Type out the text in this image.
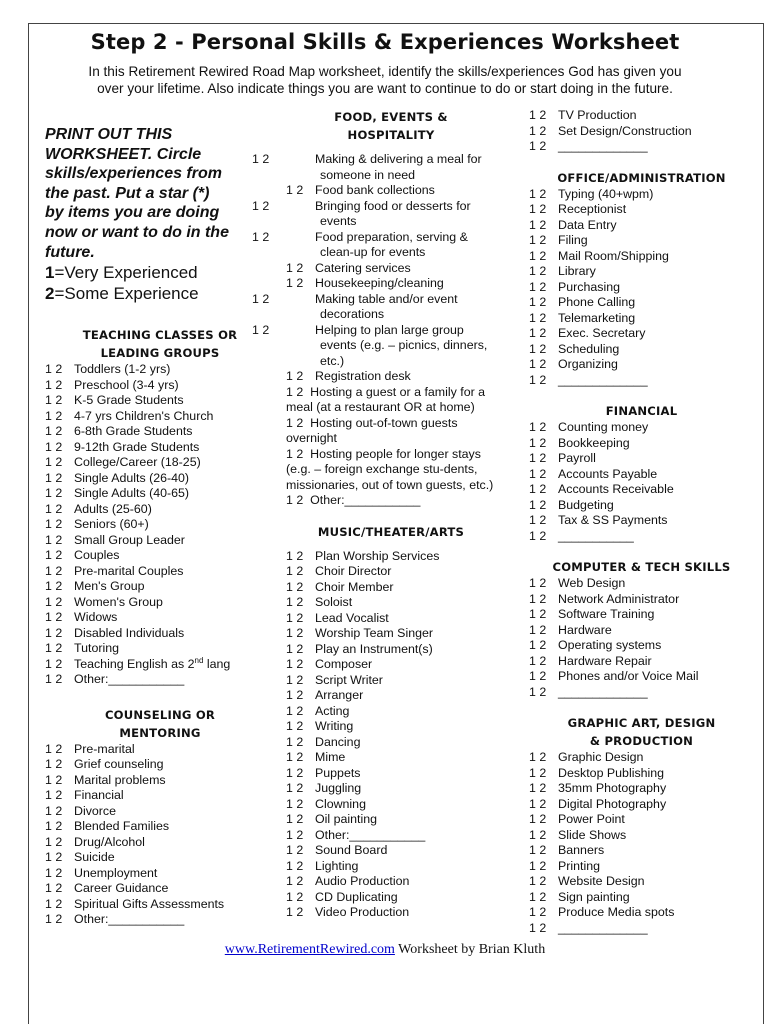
Step 2 - Personal Skills & Experiences Worksheet

In this Retirement Rewired Road Map worksheet, identify the skills/experiences God has given you

over your lifetime. Also indicate things you are want to continue to do or start doing in the future.

PRINT OUT THIS
WORKSHEET. Circle
skills/experiences from
the past. Put a star (*)
by items you are doing
now or want to do in the
future.
1=Very Experienced
2=Some Experience
TEACHING CLASSES OR
LEADING GROUPS
1 2 Toddlers (1-2 yrs)
1 2 Preschool (3-4 yrs)
1 2 K-5 Grade Students
1 2 4-7 yrs Children's Church
1 2 6-8th Grade Students
1 2 9-12th Grade Students
1 2 College/Career (18-25)
1 2 Single Adults (26-40)
1 2 Single Adults (40-65)
1 2 Adults (25-60)
1 2 Seniors (60+)
1 2 Small Group Leader
1 2 Couples
1 2 Pre-marital Couples
1 2 Men's Group
1 2 Women's Group
1 2 Widows
1 2 Disabled Individuals
1 2 Tutoring
1 2 Teaching English as 2nd lang
1 2 Other:___________
COUNSELING OR
MENTORING
1 2 Pre-marital
1 2 Grief counseling
1 2 Marital problems
1 2 Financial
1 2 Divorce
1 2 Blended Families
1 2 Drug/Alcohol
1 2 Suicide
1 2 Unemployment
1 2 Career Guidance
1 2 Spiritual Gifts Assessments
1 2 Other:___________
FOOD, EVENTS &
HOSPITALITY
1 2	Making & delivering a meal for someone in need
1 2 Food bank collections
1 2	Bringing food or desserts for events
1 2	Food preparation, serving & clean-up for events
1 2 Catering services
1 2 Housekeeping/cleaning
1 2	Making table and/or event decorations
1 2	Helping to plan large group events (e.g. – picnics, dinners, etc.)
1 2 Registration desk
1 2 Hosting a guest or a family for a meal (at a restaurant OR at home)
1 2 Hosting out-of-town guests overnight
1 2 Hosting people for longer stays (e.g. – foreign exchange stu-dents, missionaries, out of town guests, etc.)
1 2 Other:___________
MUSIC/THEATER/ARTS
1 2 Plan Worship Services
1 2 Choir Director
1 2 Choir Member
1 2 Soloist
1 2 Lead Vocalist
1 2 Worship Team Singer
1 2 Play an Instrument(s)
1 2 Composer
1 2 Script Writer
1 2 Arranger
1 2 Acting
1 2 Writing
1 2 Dancing
1 2 Mime
1 2 Puppets
1 2 Juggling
1 2 Clowning
1 2 Oil painting
1 2 Other:___________
1 2 Sound Board
1 2 Lighting
1 2 Audio Production
1 2 CD Duplicating
1 2 Video Production
1 2 TV Production
1 2 Set Design/Construction
1 2 _____________
OFFICE/ADMINISTRATION
1 2 Typing (40+wpm)
1 2 Receptionist
1 2 Data Entry
1 2 Filing
1 2 Mail Room/Shipping
1 2 Library
1 2 Purchasing
1 2 Phone Calling
1 2 Telemarketing
1 2 Exec. Secretary
1 2 Scheduling
1 2 Organizing
1 2 _____________
FINANCIAL
1 2 Counting money
1 2 Bookkeeping
1 2 Payroll
1 2 Accounts Payable
1 2 Accounts Receivable
1 2 Budgeting
1 2 Tax & SS Payments
1 2 ___________
COMPUTER & TECH SKILLS
1 2 Web Design
1 2 Network Administrator
1 2 Software Training
1 2 Hardware
1 2 Operating systems
1 2 Hardware Repair
1 2 Phones and/or Voice Mail
1 2 _____________
GRAPHIC ART, DESIGN
& PRODUCTION
1 2 Graphic Design
1 2 Desktop Publishing
1 2 35mm Photography
1 2 Digital Photography
1 2 Power Point
1 2 Slide Shows
1 2 Banners
1 2 Printing
1 2 Website Design
1 2 Sign painting
1 2 Produce Media spots
1 2 _____________
www.RetirementRewired.com Worksheet by Brian Kluth
